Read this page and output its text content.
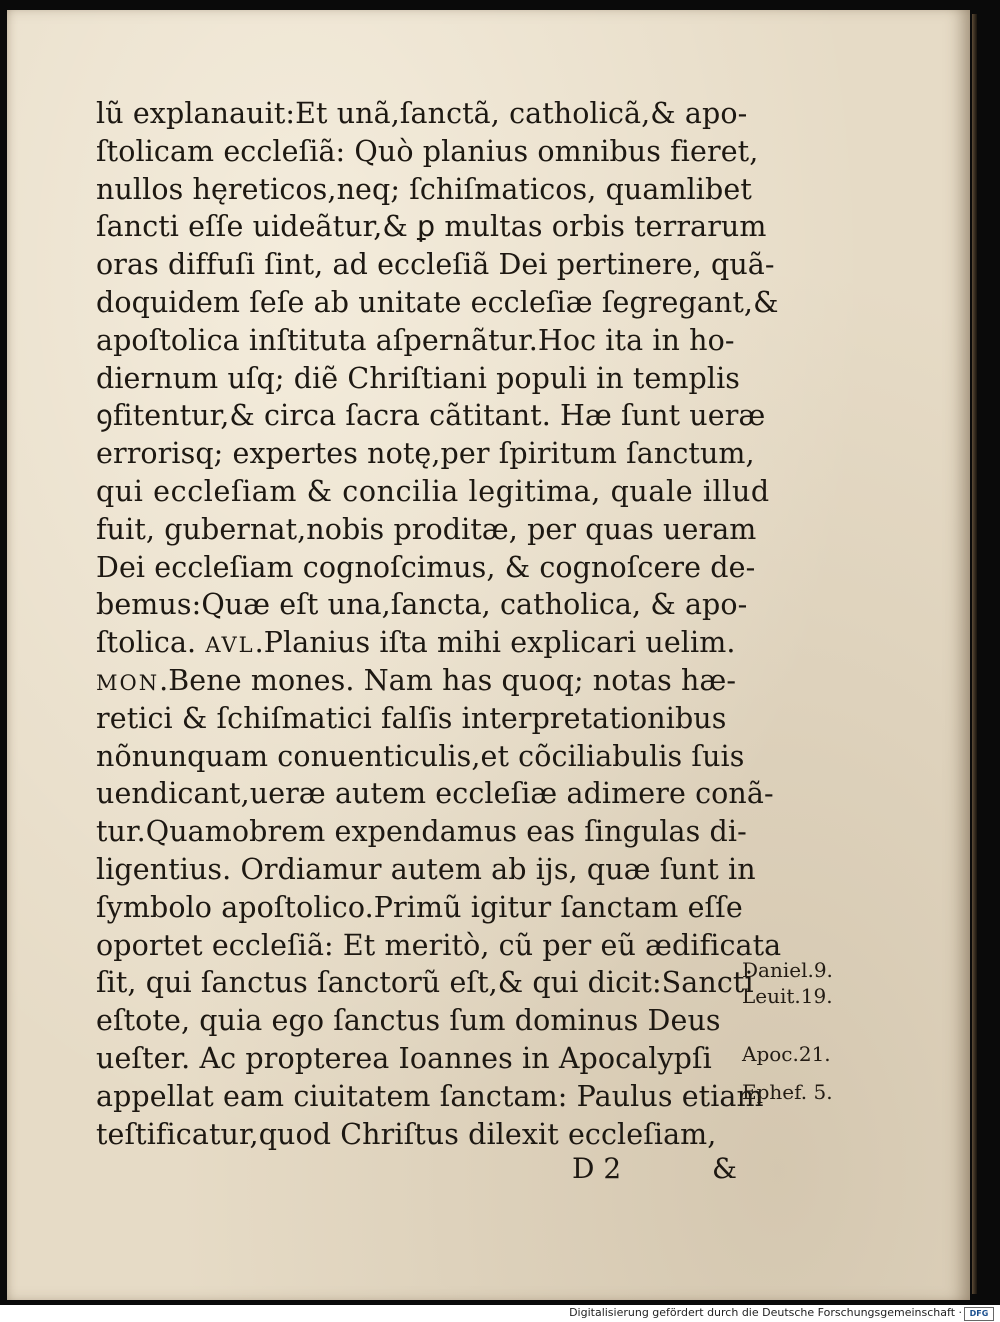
lũ explanauit:Et unã,ſanctã, catholicã,& apo-
ſtolicam eccleſiã: Quò planius omnibus fieret,
nullos hęreticos,neq; ſchiſmaticos, quamlibet
ſancti eſſe uideãtur,& ꝑ multas orbis terrarum
oras diffuſi ſint, ad eccleſiã Dei pertinere, quã-
doquidem ſeſe ab unitate eccleſiæ ſegregant,&
apoſtolica inſtituta aſpernãtur.Hoc ita in ho-
diernum uſq; diẽ Chriſtiani populi in templis
ꝯfitentur,& circa ſacra cãtitant. Hæ ſunt ueræ
errorisq; expertes notę,per ſpiritum ſanctum,
qui eccleſiam & concilia legitima, quale illud
fuit, gubernat,nobis proditæ, per quas ueram
Dei eccleſiam cognoſcimus, & cognoſcere de-
bemus:Quæ eſt una,ſancta, catholica, & apo-
ſtolica. AVL.Planius iſta mihi explicari uelim.
MON.Bene mones. Nam has quoq; notas hæ-
retici & ſchiſmatici falſis interpretationibus
nõnunquam conuenticulis,et cõciliabulis ſuis
uendicant,ueræ autem eccleſiæ adimere conã-
tur.Quamobrem expendamus eas ſingulas di-
ligentius. Ordiamur autem ab ijs, quæ ſunt in
ſymbolo apoſtolico.Primũ igitur ſanctam eſſe
oportet eccleſiã: Et meritò, cũ per eũ ædificata
ſit, qui ſanctus ſanctorũ eſt,& qui dicit:Sancti
eſtote, quia ego ſanctus ſum dominus Deus
ueſter. Ac propterea Ioannes in Apocalypſi
appellat eam ciuitatem ſanctam: Paulus etiam
teſtificatur,quod Chriſtus dilexit eccleſiam,
Daniel.9.
Leuit.19.
Apoc.21.
Ephef. 5.
D 2	&
Digitalisierung gefördert durch die Deutsche Forschungsgemeinschaft · DFG
